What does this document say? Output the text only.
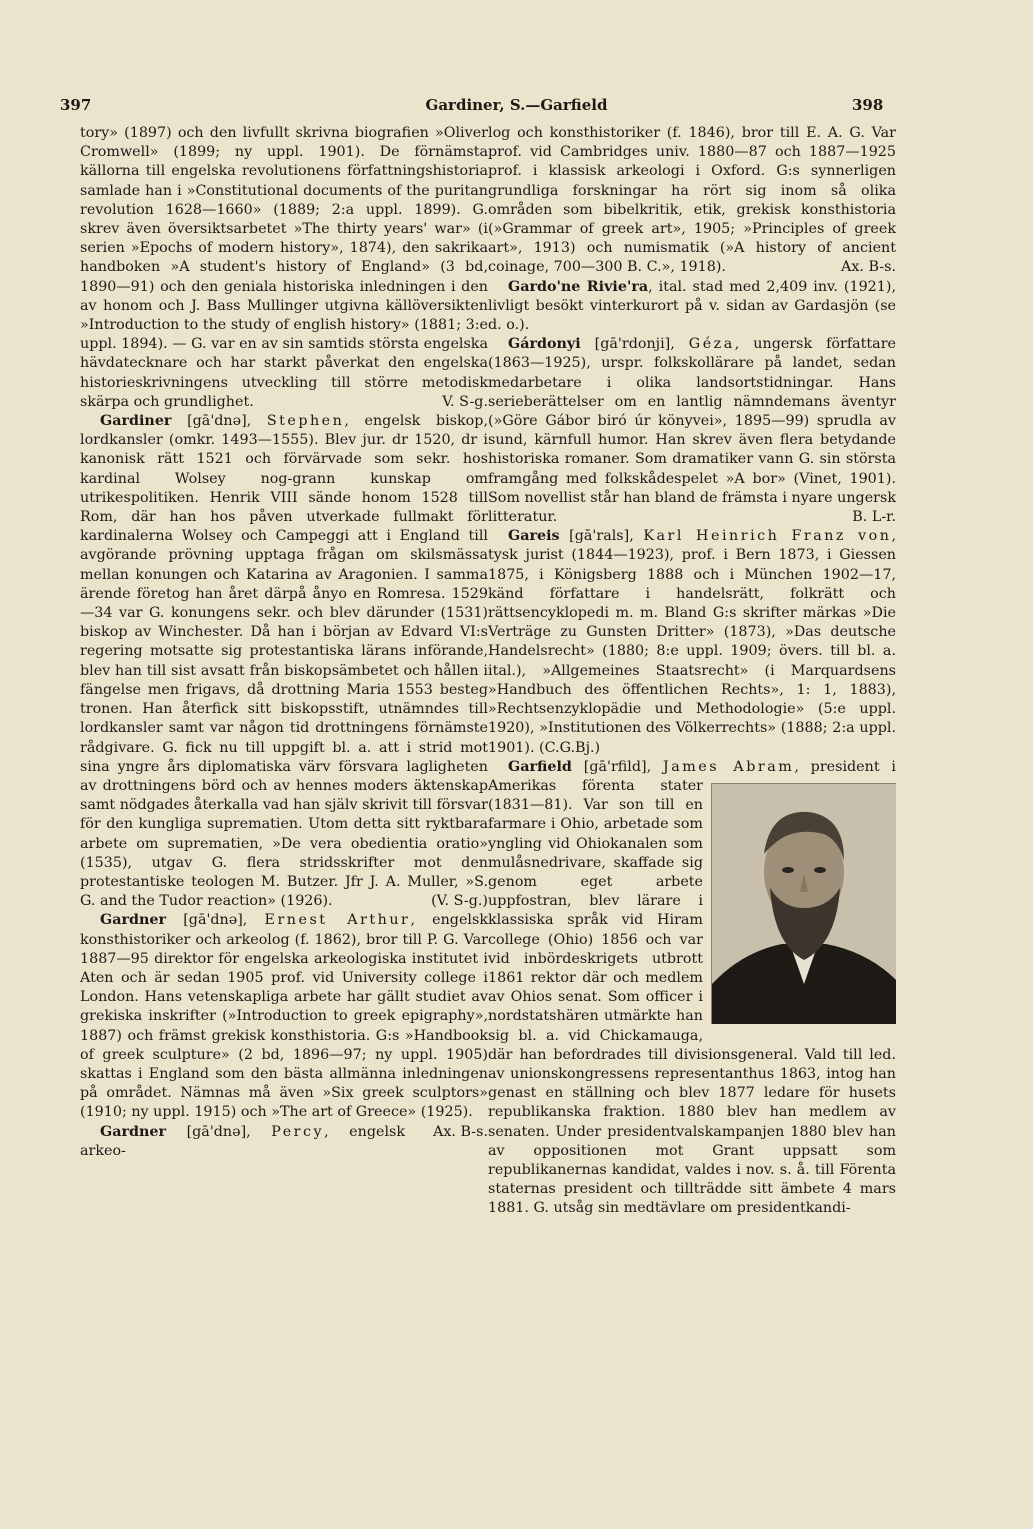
397	Gardiner, S.—Garfield	398

tory» (1897) och den livfullt skrivna biografien »Oliver Cromwell» (1899; ny uppl. 1901). De förnämsta källorna till engelska revolutionens författningshistoria samlade han i »Constitutional documents of the puritan revolution 1628—1660» (1889; 2:a uppl. 1899). G. skrev även översiktsarbetet »The thirty years' war» (i serien »Epochs of modern history», 1874), den sakrika handboken »A student's history of England» (3 bd, 1890—91) och den geniala historiska inledningen i den av honom och J. Bass Mullinger utgivna källöversikten »Introduction to the study of english history» (1881; 3:e uppl. 1894). — G. var en av sin samtids största engelska hävdatecknare och har starkt påverkat den engelska historieskrivningens utveckling till större metodisk skärpa och grundlighet.	V. S-g.

Gardiner [gā'dnə], Stephen, engelsk biskop, lordkansler (omkr. 1493—1555). Blev jur. dr 1520, dr i kanonisk rätt 1521 och förvärvade som sekr. hos kardinal Wolsey nog-grann kunskap om utrikespolitiken. Henrik VIII sände honom 1528 till Rom, där han hos påven utverkade fullmakt för kardinalerna Wolsey och Campeggi att i England till avgörande prövning upptaga frågan om skilsmässa mellan konungen och Katarina av Aragonien. I samma ärende företog han året därpå ånyo en Romresa. 1529—34 var G. konungens sekr. och blev därunder (1531) biskop av Winchester. Då han i början av Edvard VI:s regering motsatte sig protestantiska lärans införande, blev han till sist avsatt från biskopsämbetet och hållen i fängelse men frigavs, då drottning Maria 1553 besteg tronen. Han återfick sitt biskopsstift, utnämndes till lordkansler samt var någon tid drottningens förnämste rådgivare. G. fick nu till uppgift bl. a. att i strid mot sina yngre års diplomatiska värv försvara lagligheten av drottningens börd och av hennes moders äktenskap samt nödgades återkalla vad han själv skrivit till försvar för den kungliga suprematien. Utom detta sitt ryktbara arbete om suprematien, »De vera obedientia oratio» (1535), utgav G. flera stridsskrifter mot den protestantiske teologen M. Butzer. Jfr J. A. Muller, »S. G. and the Tudor reaction» (1926).	(V. S-g.)

Gardner [gā'dnə], Ernest Arthur, engelsk konsthistoriker och arkeolog (f. 1862), bror till P. G. Var 1887—95 direktor för engelska arkeologiska institutet i Aten och är sedan 1905 prof. vid University college i London. Hans vetenskapliga arbete har gällt studiet av grekiska inskrifter (»Introduction to greek epigraphy», 1887) och främst grekisk konsthistoria. G:s »Handbook of greek sculpture» (2 bd, 1896—97; ny uppl. 1905) skattas i England som den bästa allmänna inledningen på området. Nämnas må även »Six greek sculptors» (1910; ny uppl. 1915) och »The art of Greece» (1925).
Ax. B-s.

Gardner [gā'dnə], Percy, engelsk arkeo-

log och konsthistoriker (f. 1846), bror till E. A. G. Var prof. vid Cambridges univ. 1880—87 och 1887—1925 prof. i klassisk arkeologi i Oxford. G:s synnerligen grundliga forskningar ha rört sig inom så olika områden som bibelkritik, etik, grekisk konsthistoria (»Grammar of greek art», 1905; »Principles of greek art», 1913) och numismatik (»A history of ancient coinage, 700—300 B. C.», 1918).	Ax. B-s.

Gardo'ne Rivie'ra, ital. stad med 2,409 inv. (1921), livligt besökt vinterkurort på v. sidan av Gardasjön (se d. o.).

Gárdonyi [gā'rdonji], Géza, ungersk författare (1863—1925), urspr. folkskollärare på landet, sedan medarbetare i olika landsortstidningar. Hans serieberättelser om en lantlig nämndemans äventyr (»Göre Gábor biró úr könyvei», 1895—99) sprudla av sund, kärnfull humor. Han skrev även flera betydande historiska romaner. Som dramatiker vann G. sin största framgång med folkskådespelet »A bor» (Vinet, 1901). Som novellist står han bland de främsta i nyare ungersk litteratur.	B. L-r.

Gareis [gā'rals], Karl Heinrich Franz von, tysk jurist (1844—1923), prof. i Bern 1873, i Giessen 1875, i Königsberg 1888 och i München 1902—17, känd författare i handelsrätt, folkrätt och rättsencyklopedi m. m. Bland G:s skrifter märkas »Die Verträge zu Gunsten Dritter» (1873), »Das deutsche Handelsrecht» (1880; 8:e uppl. 1909; övers. till bl. a. ital.), »Allgemeines Staatsrecht» (i Marquardsens »Handbuch des öffentlichen Rechts», 1: 1, 1883), »Rechtsenzyklopädie und Methodologie» (5:e uppl. 1920), »Institutionen des Völkerrechts» (1888; 2:a uppl. 1901). (C.G.Bj.)

Garfield [gā'rfild], James Abram
, president i Amerikas förenta stater (1831—81). Var son till en farmare i Ohio, arbetade som yngling vid Ohiokanalen som mulåsnedrivare, skaffade sig genom eget arbete uppfostran, blev lärare i klassiska språk vid Hiram college (Ohio) 1856 och var vid inbördeskrigets utbrott 1861 rektor där och medlem av Ohios senat. Som officer i nordstatshären utmärkte han sig bl. a. vid Chickamauga, där han befordrades till divisionsgeneral. Vald till led. av unionskongressens representanthus 1863, intog han genast en ställning och blev 1877 ledare för husets republikanska fraktion. 1880 blev han medlem av senaten. Under presidentvalskampanjen 1880 blev han av oppositionen mot Grant uppsatt som republikanernas kandidat, valdes i nov. s. å. till Förenta staternas president och tillträdde sitt ämbete 4 mars 1881. G. utsåg sin medtävlare om presidentkandi-
